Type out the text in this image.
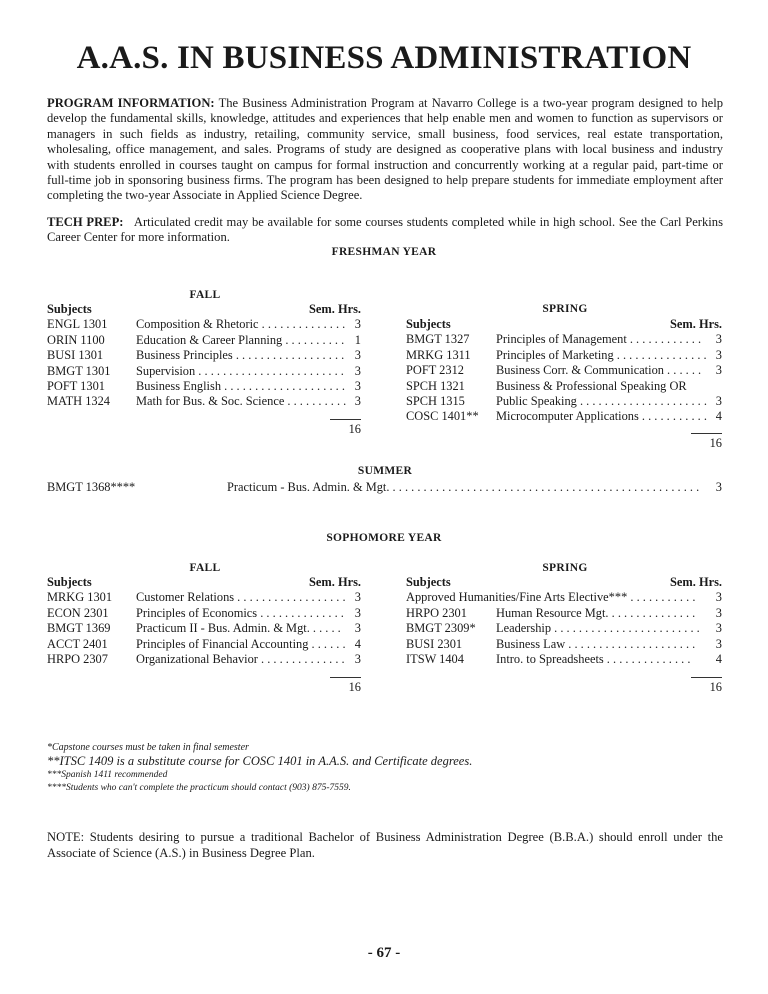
A.A.S. IN BUSINESS ADMINISTRATION
PROGRAM INFORMATION: The Business Administration Program at Navarro College is a two-year program designed to help develop the fundamental skills, knowledge, attitudes and experiences that help enable men and women to function as supervisors or managers in such fields as industry, retailing, community service, small business, food services, real estate transportation, wholesaling, office management, and sales. Programs of study are designed as cooperative plans with local business and industry with students enrolled in courses taught on campus for formal instruction and concurrently working at a regular paid, part-time or full-time job in sponsoring business firms. The program has been designed to help prepare students for immediate employment after completing the two-year Associate in Applied Science Degree.
TECH PREP: Articulated credit may be available for some courses students completed while in high school. See the Carl Perkins Career Center for more information.
FRESHMAN YEAR
FALL
Subjects	Sem. Hrs.
ENGL 1301	Composition & Rhetoric . . . . . . . . . . . . . . 3
ORIN 1100	Education & Career Planning . . . . . . . . . . 1
BUSI 1301	Business Principles . . . . . . . . . . . . . . . . . . 3
BMGT 1301	Supervision . . . . . . . . . . . . . . . . . . . . . . . . 3
POFT 1301	Business English . . . . . . . . . . . . . . . . . . . . 3
MATH 1324	Math for Bus. & Soc. Science . . . . . . . . . . 3
16
SPRING
Subjects	Sem. Hrs.
BMGT 1327	Principles of Management . . . . . . . . . . . .	3
MRKG 1311	Principles of Marketing . . . . . . . . . . . . . . . 3
POFT 2312	Business Corr. & Communication . . . . . .	3
SPCH 1321	Business & Professional Speaking OR
SPCH 1315	Public Speaking . . . . . . . . . . . . . . . . . . . . . 3
COSC 1401**	Microcomputer Applications . . . . . . . . . . . 4
16
SUMMER
BMGT 1368****	Practicum - Bus. Admin. & Mgt. . . . . . . . . . . . . . . . . . . . . . . . . . . . . . . . . . . . . . . . . . . . . . . . . . .	3
SOPHOMORE YEAR
FALL
Subjects	Sem. Hrs.
MRKG 1301	Customer Relations . . . . . . . . . . . . . . . . . . 3
ECON 2301	Principles of Economics . . . . . . . . . . . . . . 3
BMGT 1369	Practicum II - Bus. Admin. & Mgt. . . . . .	3
ACCT 2401	Principles of Financial Accounting . . . . . . 4
HRPO 2307	Organizational Behavior . . . . . . . . . . . . . . 3
16
SPRING
Subjects	Sem. Hrs.
Approved Humanities/Fine Arts Elective*** . . . . . . . . . . .	3
HRPO 2301	Human Resource Mgt. . . . . . . . . . . . . . .	3
BMGT 2309*	Leadership . . . . . . . . . . . . . . . . . . . . . . . .	3
BUSI 2301	Business Law . . . . . . . . . . . . . . . . . . . . .	3
ITSW 1404	Intro. to Spreadsheets . . . . . . . . . . . . . .	4
16
*Capstone courses must be taken in final semester
**ITSC 1409 is a substitute course for COSC 1401 in A.A.S. and Certificate degrees.
***Spanish 1411 recommended
****Students who can't complete the practicum should contact (903) 875-7559.
NOTE: Students desiring to pursue a traditional Bachelor of Business Administration Degree (B.B.A.) should enroll under the Associate of Science (A.S.) in Business Degree Plan.
- 67 -
